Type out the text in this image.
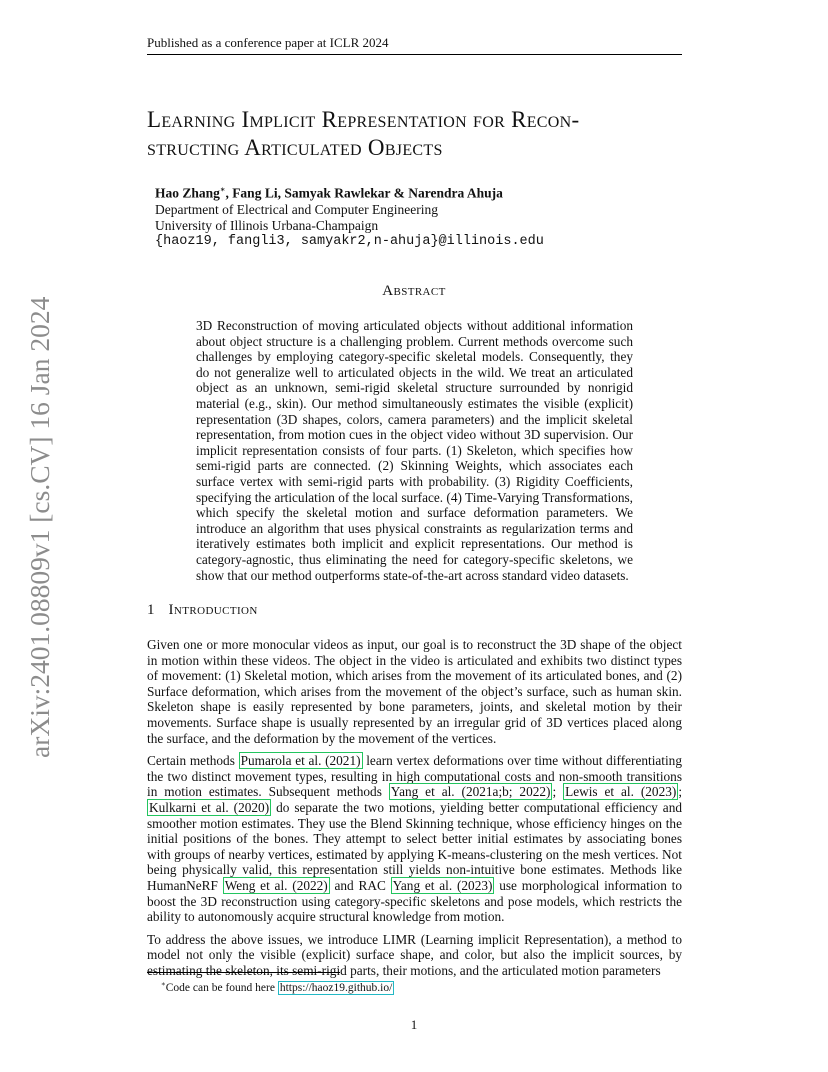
Published as a conference paper at ICLR 2024
arXiv:2401.08809v1 [cs.CV] 16 Jan 2024
Learning Implicit Representation for Recon-
structing Articulated Objects
Hao Zhang∗, Fang Li, Samyak Rawlekar & Narendra Ahuja
Department of Electrical and Computer Engineering
University of Illinois Urbana-Champaign
{haoz19, fangli3, samyakr2,n-ahuja}@illinois.edu
Abstract
3D Reconstruction of moving articulated objects without additional information about object structure is a challenging problem. Current methods overcome such challenges by employing category-specific skeletal models. Consequently, they do not generalize well to articulated objects in the wild. We treat an articulated object as an unknown, semi-rigid skeletal structure surrounded by nonrigid material (e.g., skin). Our method simultaneously estimates the visible (explicit) representation (3D shapes, colors, camera parameters) and the implicit skeletal representation, from motion cues in the object video without 3D supervision. Our implicit representation consists of four parts. (1) Skeleton, which specifies how semi-rigid parts are connected. (2) Skinning Weights, which associates each surface vertex with semi-rigid parts with probability. (3) Rigidity Coefficients, specifying the articulation of the local surface. (4) Time-Varying Transformations, which specify the skeletal motion and surface deformation parameters. We introduce an algorithm that uses physical constraints as regularization terms and iteratively estimates both implicit and explicit representations. Our method is category-agnostic, thus eliminating the need for category-specific skeletons, we show that our method outperforms state-of-the-art across standard video datasets.
1 Introduction

Given one or more monocular videos as input, our goal is to reconstruct the 3D shape of the object in motion within these videos. The object in the video is articulated and exhibits two distinct types of movement: (1) Skeletal motion, which arises from the movement of its articulated bones, and (2) Surface deformation, which arises from the movement of the object’s surface, such as human skin. Skeleton shape is easily represented by bone parameters, joints, and skeletal motion by their movements. Surface shape is usually represented by an irregular grid of 3D vertices placed along the surface, and the deformation by the movement of the vertices.

Certain methods Pumarola et al. (2021) learn vertex deformations over time without differentiating the two distinct movement types, resulting in high computational costs and non-smooth transitions in motion estimates. Subsequent methods Yang et al. (2021a;b; 2022) ; Lewis et al. (2023) ; Kulkarni et al. (2020) do separate the two motions, yielding better computational efficiency and smoother motion estimates. They use the Blend Skinning technique, whose efficiency hinges on the initial positions of the bones. They attempt to select better initial estimates by associating bones with groups of nearby vertices, estimated by applying K-means-clustering on the mesh vertices. Not being physically valid, this representation still yields non-intuitive bone estimates. Methods like HumanNeRF Weng et al. (2022) and RAC Yang et al. (2023) use morphological information to boost the 3D reconstruction using category-specific skeletons and pose models, which restricts the ability to autonomously acquire structural knowledge from motion.

To address the above issues, we introduce LIMR (Learning implicit Representation), a method to model not only the visible (explicit) surface shape, and color, but also the implicit sources, by estimating the skeleton, its semi-rigid parts, their motions, and the articulated motion parameters

∗Code can be found here https://haoz19.github.io/
1
